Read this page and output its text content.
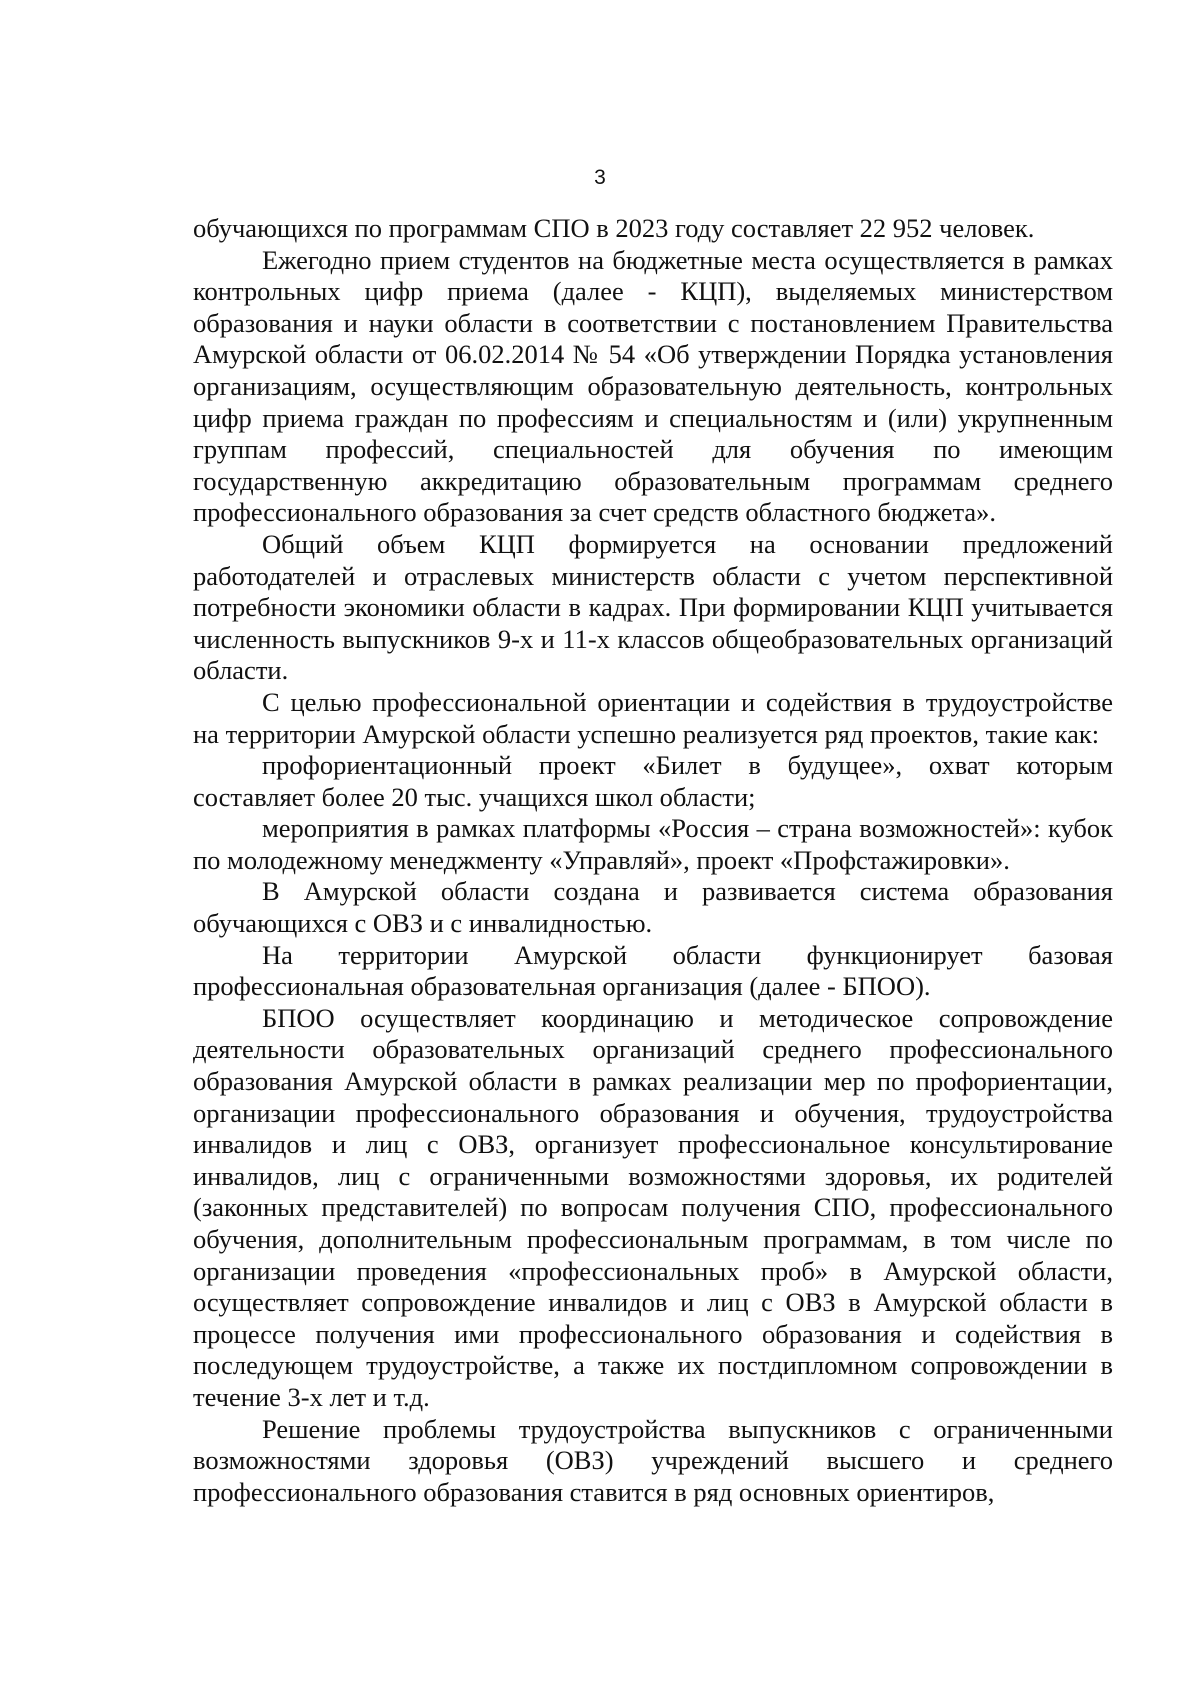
3

обучающихся по программам СПО в 2023 году составляет 22 952 человек.

Ежегодно прием студентов на бюджетные места осуществляется в рамках контрольных цифр приема (далее - КЦП), выделяемых министерством образования и науки области в соответствии с постановлением Правительства Амурской области от 06.02.2014 № 54 «Об утверждении Порядка установления организациям, осуществляющим образовательную деятельность, контрольных цифр приема граждан по профессиям и специальностям и (или) укрупненным группам профессий, специальностей для обучения по имеющим государственную аккредитацию образовательным программам среднего профессионального образования за счет средств областного бюджета».

Общий объем КЦП формируется на основании предложений работодателей и отраслевых министерств области с учетом перспективной потребности экономики области в кадрах. При формировании КЦП учитывается численность выпускников 9-х и 11-х классов общеобразовательных организаций области.

С целью профессиональной ориентации и содействия в трудоустройстве на территории Амурской области успешно реализуется ряд проектов, такие как:

профориентационный проект «Билет в будущее», охват которым составляет более 20 тыс. учащихся школ области;

мероприятия в рамках платформы «Россия – страна возможностей»: кубок по молодежному менеджменту «Управляй», проект «Профстажировки».

В Амурской области создана и развивается система образования обучающихся с ОВЗ и с инвалидностью.

На территории Амурской области функционирует базовая профессиональная образовательная организация (далее - БПОО).

БПОО осуществляет координацию и методическое сопровождение деятельности образовательных организаций среднего профессионального образования Амурской области в рамках реализации мер по профориентации, организации профессионального образования и обучения, трудоустройства инвалидов и лиц с ОВЗ, организует профессиональное консультирование инвалидов, лиц с ограниченными возможностями здоровья, их родителей (законных представителей) по вопросам получения СПО, профессионального обучения, дополнительным профессиональным программам, в том числе по организации проведения «профессиональных проб» в Амурской области, осуществляет сопровождение инвалидов и лиц с ОВЗ в Амурской области в процессе получения ими профессионального образования и содействия в последующем трудоустройстве, а также их постдипломном сопровождении в течение 3-х лет и т.д.

Решение проблемы трудоустройства выпускников с ограниченными возможностями здоровья (ОВЗ) учреждений высшего и среднего профессионального образования ставится в ряд основных ориентиров,
